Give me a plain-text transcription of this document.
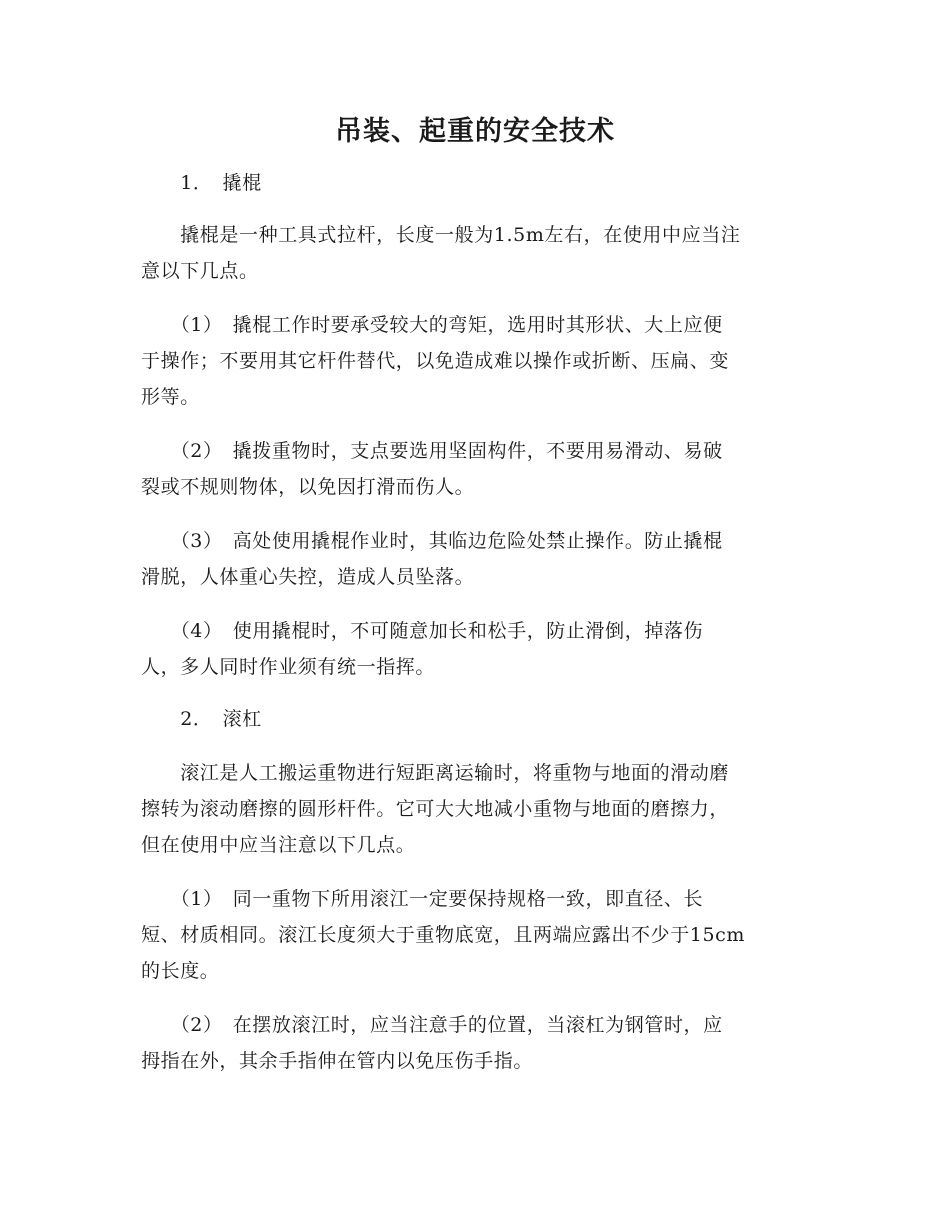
吊装、起重的安全技术
　　1．　撬棍
　　撬棍是一种工具式拉杆，长度一般为1.5m左右，在使用中应当注
意以下几点。
　　（1）　撬棍工作时要承受较大的弯矩，选用时其形状、大上应便
于操作；不要用其它杆件替代，以免造成难以操作或折断、压扁、变
形等。
　　（2）　撬拨重物时，支点要选用坚固构件，不要用易滑动、易破
裂或不规则物体，以免因打滑而伤人。
　　（3）　高处使用撬棍作业时，其临边危险处禁止操作。防止撬棍
滑脱，人体重心失控，造成人员坠落。
　　（4）　使用撬棍时，不可随意加长和松手，防止滑倒，掉落伤
人，多人同时作业须有统一指挥。
　　2．　滚杠
　　滚江是人工搬运重物进行短距离运输时，将重物与地面的滑动磨
擦转为滚动磨擦的圆形杆件。它可大大地减小重物与地面的磨擦力，
但在使用中应当注意以下几点。
　　（1）　同一重物下所用滚江一定要保持规格一致，即直径、长
短、材质相同。滚江长度须大于重物底宽，且两端应露出不少于15cm
的长度。
　　（2）　在摆放滚江时，应当注意手的位置，当滚杠为钢管时，应
拇指在外，其余手指伸在管内以免压伤手指。
